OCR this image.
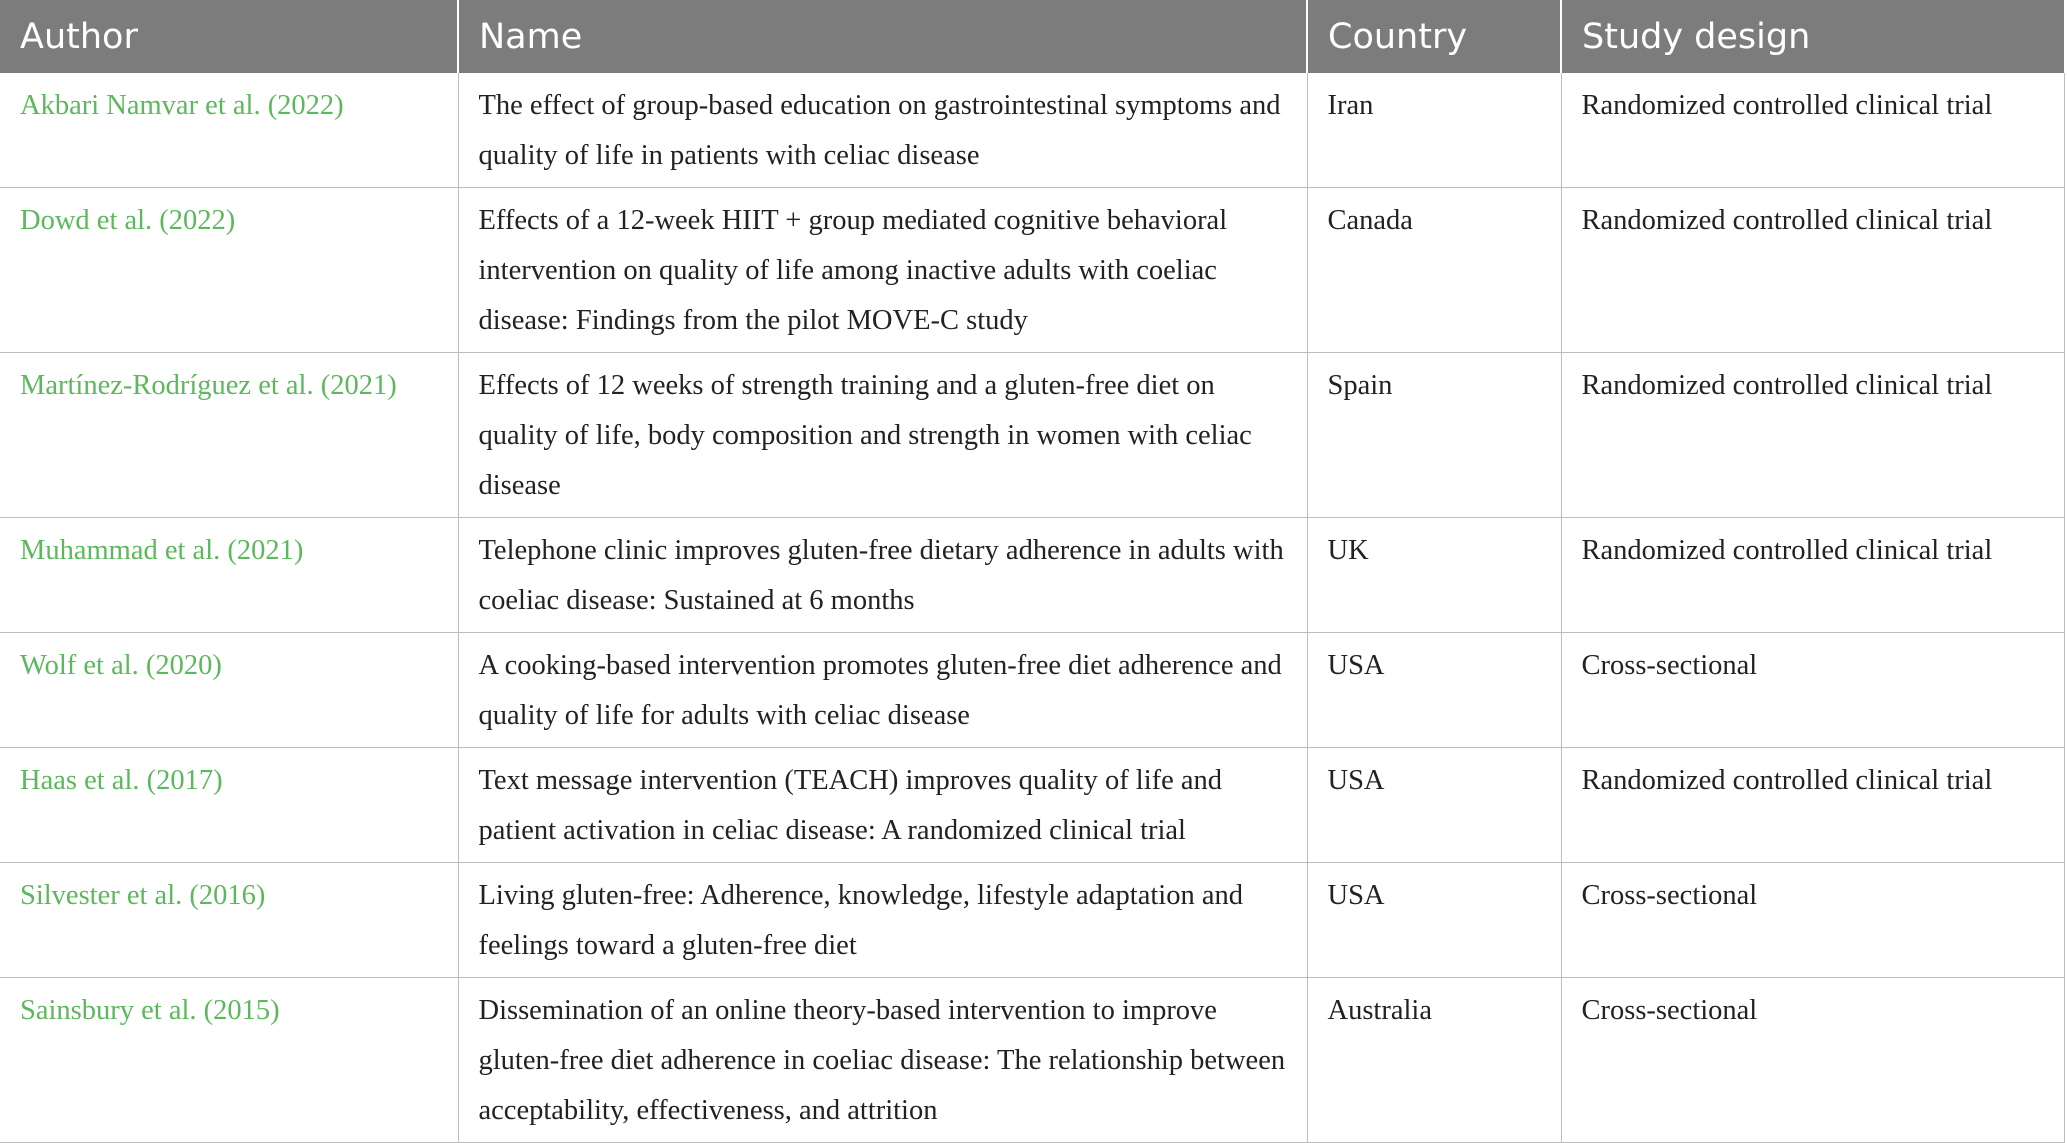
Author	Name	Country	Study design
Akbari Namvar et al. (2022)	The effect of group-based education on gastrointestinal symptoms and quality of life in patients with celiac disease	Iran	Randomized controlled clinical trial
Dowd et al. (2022)	Effects of a 12-week HIIT + group mediated cognitive behavioral intervention on quality of life among inactive adults with coeliac disease: Findings from the pilot MOVE-C study	Canada	Randomized controlled clinical trial
Martínez-Rodríguez et al. (2021)	Effects of 12 weeks of strength training and a gluten-free diet on quality of life, body composition and strength in women with celiac disease	Spain	Randomized controlled clinical trial
Muhammad et al. (2021)	Telephone clinic improves gluten-free dietary adherence in adults with coeliac disease: Sustained at 6 months	UK	Randomized controlled clinical trial
Wolf et al. (2020)	A cooking-based intervention promotes gluten-free diet adherence and quality of life for adults with celiac disease	USA	Cross-sectional
Haas et al. (2017)	Text message intervention (TEACH) improves quality of life and patient activation in celiac disease: A randomized clinical trial	USA	Randomized controlled clinical trial
Silvester et al. (2016)	Living gluten-free: Adherence, knowledge, lifestyle adaptation and feelings toward a gluten-free diet	USA	Cross-sectional
Sainsbury et al. (2015)	Dissemination of an online theory-based intervention to improve gluten-free diet adherence in coeliac disease: The relationship between acceptability, effectiveness, and attrition	Australia	Cross-sectional
